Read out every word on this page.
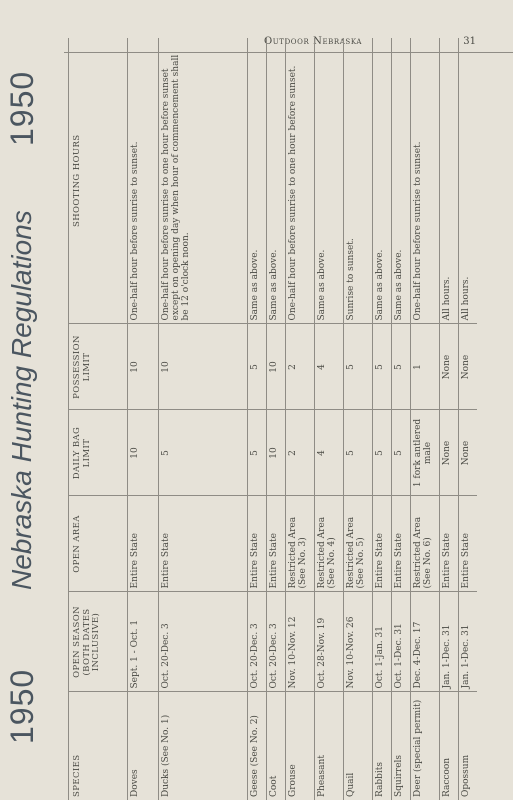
Outdoor Nebraska	31
1950
Nebraska Hunting Regulations
1950
SPECIES	OPEN SEASON (BOTH DATES INCLUSIVE)	OPEN AREA	DAILY BAG LIMIT	POSSESSION LIMIT	SHOOTING HOURS
Doves	Sept. 1 - Oct. 1	Entire State	10	10	One-half hour before sunrise to sunset.
Ducks (See No. 1)	Oct. 20-Dec. 3	Entire State	5	10	One-half hour before sunrise to one hour before sunset except on opening day when hour of commencement shall be 12 o'clock noon.
Geese (See No. 2)	Oct. 20-Dec. 3	Entire State	5	5	Same as above.
Coot	Oct. 20-Dec. 3	Entire State	10	10	Same as above.
Grouse	Nov. 10-Nov. 12	Restricted Area (See No. 3)	2	2	One-half hour before sunrise to one hour before sunset.
Pheasant	Oct. 28-Nov. 19	Restricted Area (See No. 4)	4	4	Same as above.
Quail	Nov. 10-Nov. 26	Restricted Area (See No. 5)	5	5	Sunrise to sunset.
Rabbits	Oct. 1-Jan. 31	Entire State	5	5	Same as above.
Squirrels	Oct. 1-Dec. 31	Entire State	5	5	Same as above.
Deer (special permit)	Dec. 4-Dec. 17	Restricted Area (See No. 6)	1 fork antlered male	1	One-half hour before sunrise to sunset.
Raccoon	Jan. 1-Dec. 31	Entire State	None	None	All hours.
Opossum	Jan. 1-Dec. 31	Entire State	None	None	All hours.
